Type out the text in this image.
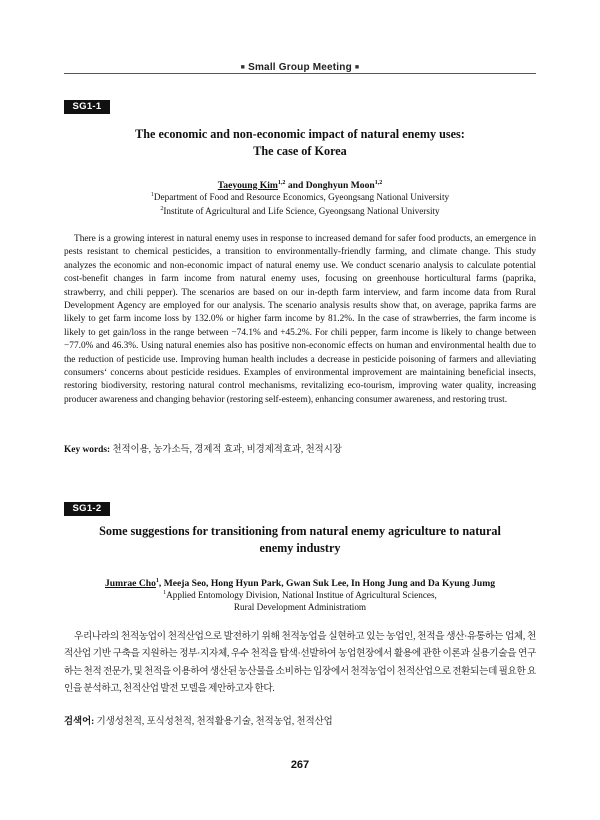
■ Small Group Meeting ■
SG1-1
The economic and non-economic impact of natural enemy uses:
The case of Korea
Taeyoung Kim$^{1,2}$ and Donghyun Moon$^{1,2}$
$^1$Department of Food and Resource Economics, Gyeongsang National University
$^2$Institute of Agricultural and Life Science, Gyeongsang National University

There is a growing interest in natural enemy uses in response to increased demand for safer food products, an emergence in pests resistant to chemical pesticides, a transition to environmentally-friendly farming, and climate change. This study analyzes the economic and non-economic impact of natural enemy use. We conduct scenario analysis to calculate potential cost-benefit changes in farm income from natural enemy uses, focusing on greenhouse horticultural farms (paprika, strawberry, and chili pepper). The scenarios are based on our in-depth farm interview, and farm income data from Rural Development Agency are employed for our analysis. The scenario analysis results show that, on average, paprika farms are likely to get farm income loss by 132.0% or higher farm income by 81.2%. In the case of strawberries, the farm income is likely to get gain/loss in the range between −74.1% and +45.2%. For chili pepper, farm income is likely to change between −77.0% and 46.3%. Using natural enemies also has positive non-economic effects on human and environmental health due to the reduction of pesticide use. Improving human health includes a decrease in pesticide poisoning of farmers and alleviating consumers‘ concerns about pesticide residues. Examples of environmental improvement are maintaining beneficial insects, restoring biodiversity, restoring natural control mechanisms, revitalizing eco-tourism, improving water quality, increasing producer awareness and changing behavior (restoring self-esteem), enhancing consumer awareness, and restoring trust.

Key words: 천적이용, 농가소득, 경제적 효과, 비경제적효과, 천적시장
SG1-2
Some suggestions for transitioning from natural enemy agriculture to natural
enemy industry
Jumrae Cho$^1$, Meeja Seo, Hong Hyun Park, Gwan Suk Lee, In Hong Jung and Da Kyung Jumg
$^1$Applied Entomology Division, National Institue of Agricultural Sciences,
Rural Development Administratiom

우리나라의 천적농업이 천적산업으로 발전하기 위해 천적농업을 실현하고 있는 농업인, 천적을 생산·유통하는 업체, 천적산업 기반 구축을 지원하는 정부·지자체, 우수 천적을 탐색·선발하여 농업현장에서 활용에 관한 이론과 실용기술을 연구하는 천적 전문가, 및 천적을 이용하여 생산된 농산물을 소비하는 입장에서 천적농업이 천적산업으로 전환되는데 필요한 요인을 분석하고, 천적산업 발전 모델을 제안하고자 한다.

검색어: 기생성천적, 포식성천적, 천적활용기술, 천적농업, 천적산업
267
